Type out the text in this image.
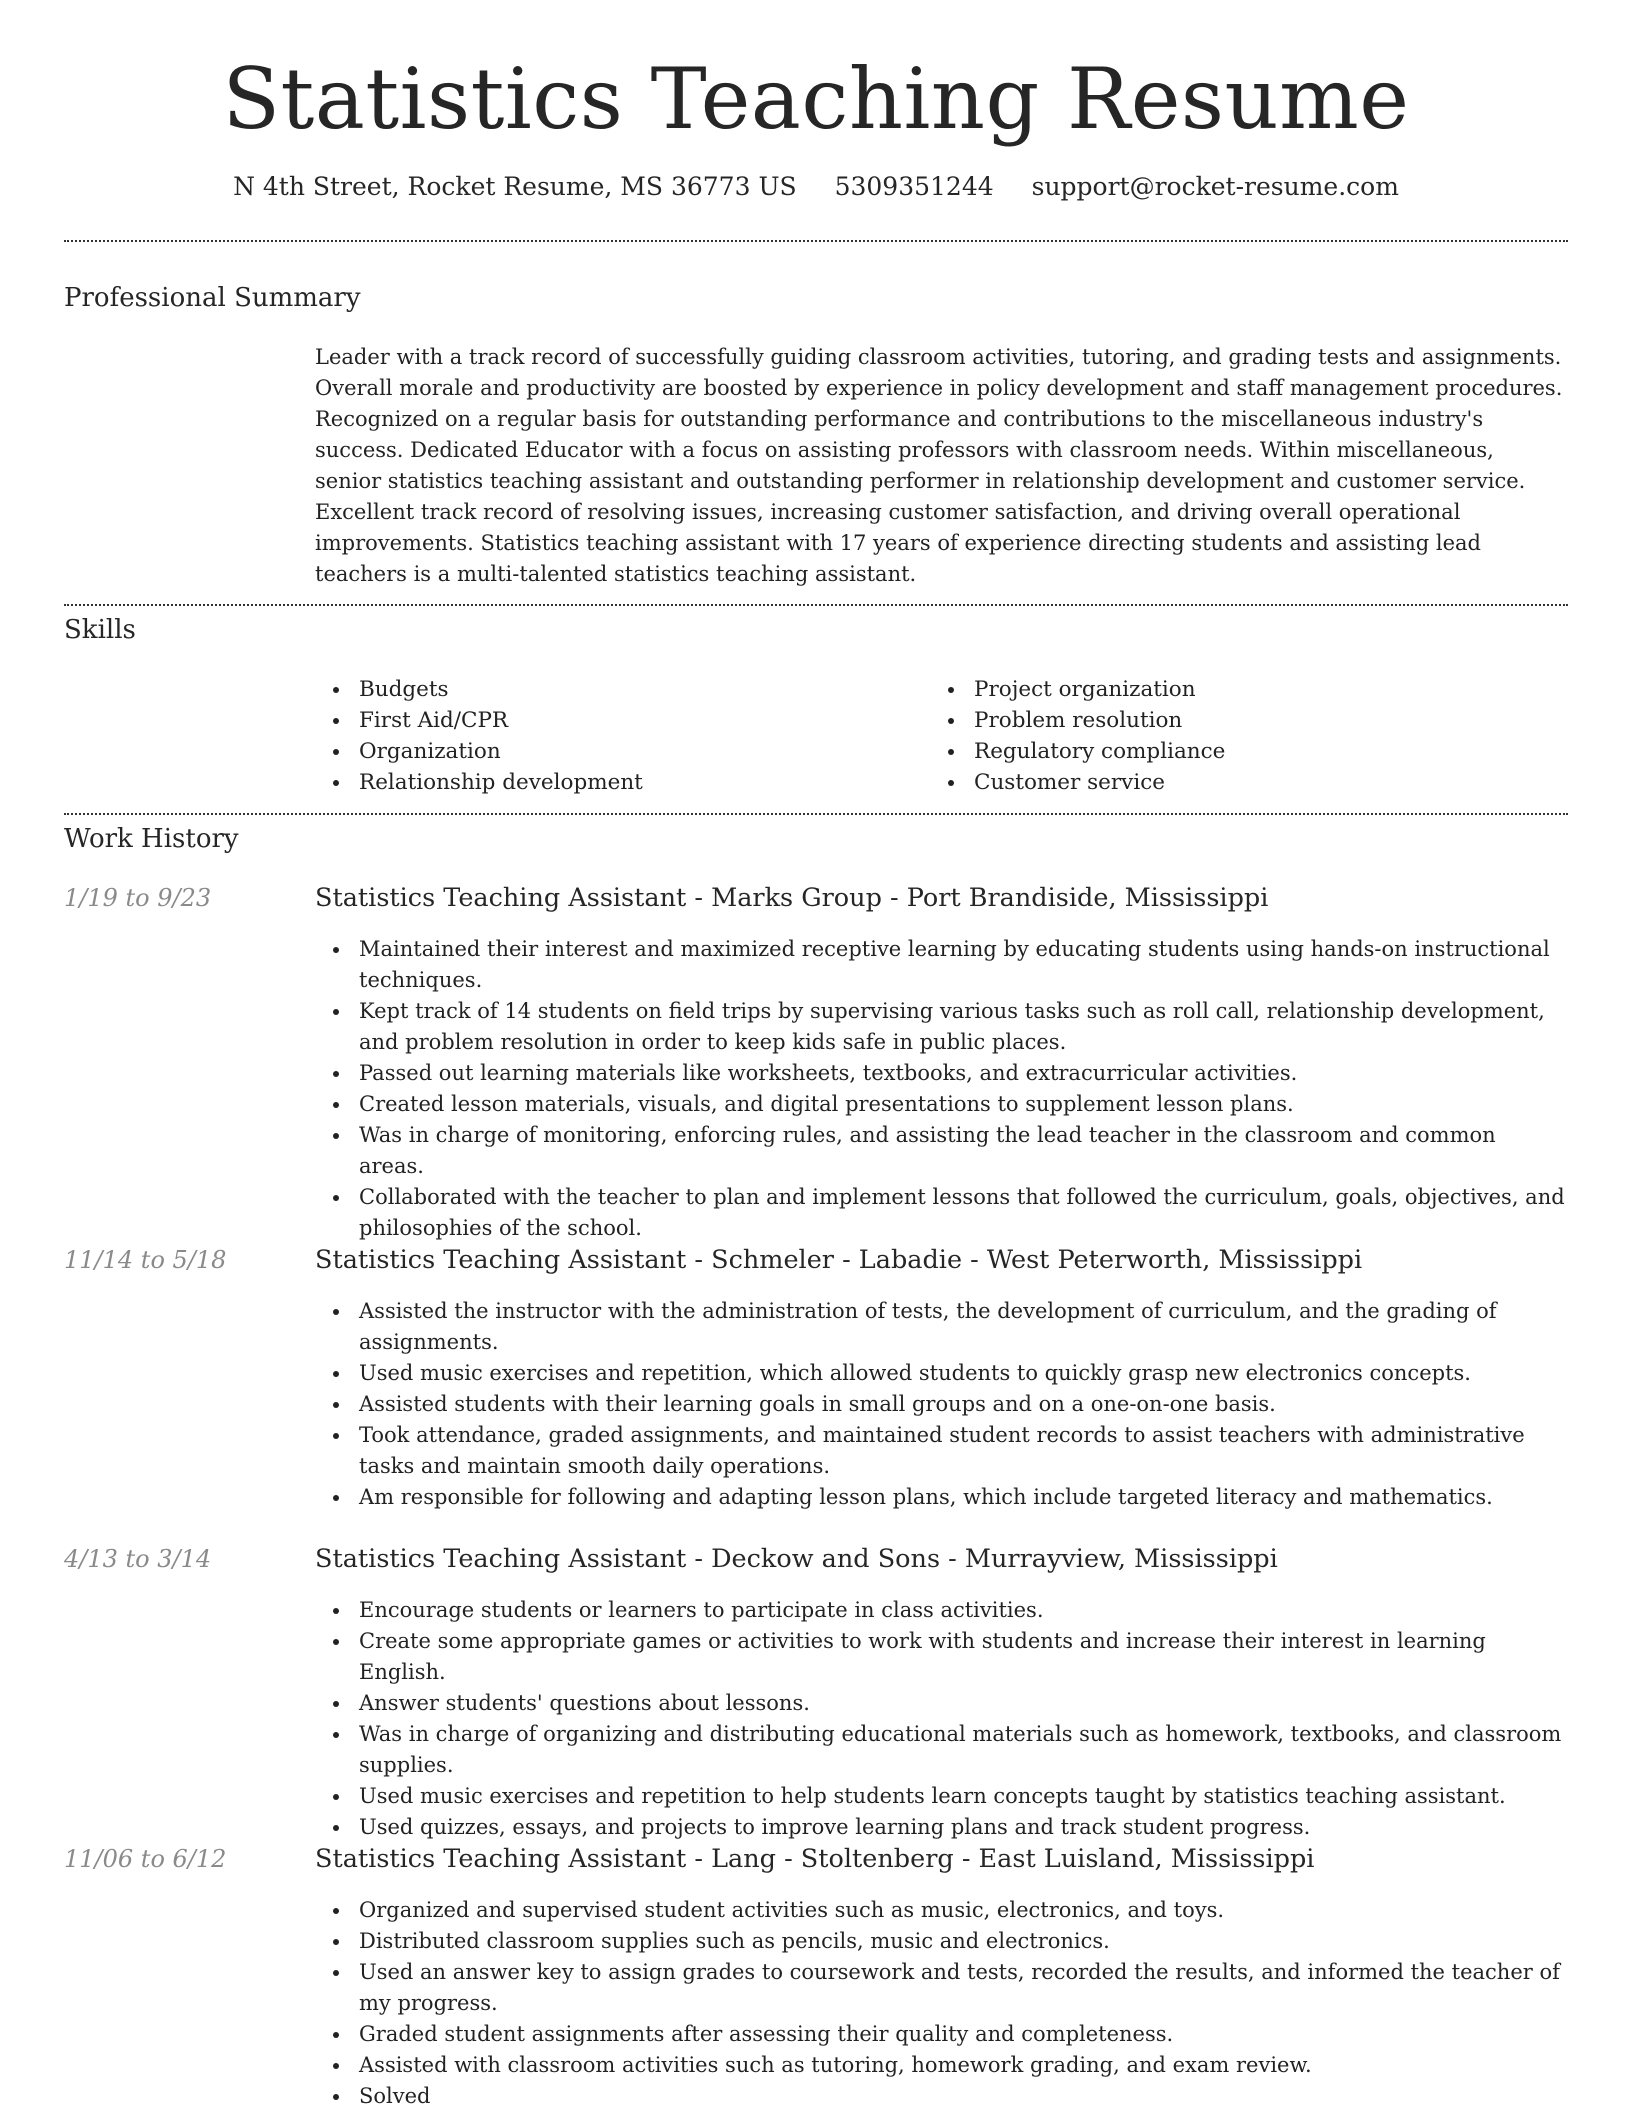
Statistics Teaching Resume
N 4th Street, Rocket Resume, MS 36773 US 5309351244 support@rocket-resume.com
Professional Summary

Leader with a track record of successfully guiding classroom activities, tutoring, and grading tests and assignments. Overall morale and productivity are boosted by experience in policy development and staff management procedures. Recognized on a regular basis for outstanding performance and contributions to the miscellaneous industry's success. Dedicated Educator with a focus on assisting professors with classroom needs. Within miscellaneous, senior statistics teaching assistant and outstanding performer in relationship development and customer service. Excellent track record of resolving issues, increasing customer satisfaction, and driving overall operational improvements. Statistics teaching assistant with 17 years of experience directing students and assisting lead teachers is a multi-talented statistics teaching assistant.

Skills
Budgets
First Aid/CPR
Organization
Relationship development
Project organization
Problem resolution
Regulatory compliance
Customer service
Work History
1/19 to 9/23	Statistics Teaching Assistant - Marks Group - Port Brandiside, Mississippi
Maintained their interest and maximized receptive learning by educating students using hands-on instructional techniques.
Kept track of 14 students on field trips by supervising various tasks such as roll call, relationship development, and problem resolution in order to keep kids safe in public places.
Passed out learning materials like worksheets, textbooks, and extracurricular activities.
Created lesson materials, visuals, and digital presentations to supplement lesson plans.
Was in charge of monitoring, enforcing rules, and assisting the lead teacher in the classroom and common areas.
Collaborated with the teacher to plan and implement lessons that followed the curriculum, goals, objectives, and philosophies of the school.
11/14 to 5/18	Statistics Teaching Assistant - Schmeler - Labadie - West Peterworth, Mississippi
Assisted the instructor with the administration of tests, the development of curriculum, and the grading of assignments.
Used music exercises and repetition, which allowed students to quickly grasp new electronics concepts.
Assisted students with their learning goals in small groups and on a one-on-one basis.
Took attendance, graded assignments, and maintained student records to assist teachers with administrative tasks and maintain smooth daily operations.
Am responsible for following and adapting lesson plans, which include targeted literacy and mathematics.
4/13 to 3/14	Statistics Teaching Assistant - Deckow and Sons - Murrayview, Mississippi
Encourage students or learners to participate in class activities.
Create some appropriate games or activities to work with students and increase their interest in learning English.
Answer students' questions about lessons.
Was in charge of organizing and distributing educational materials such as homework, textbooks, and classroom supplies.
Used music exercises and repetition to help students learn concepts taught by statistics teaching assistant.
Used quizzes, essays, and projects to improve learning plans and track student progress.
11/06 to 6/12	Statistics Teaching Assistant - Lang - Stoltenberg - East Luisland, Mississippi
Organized and supervised student activities such as music, electronics, and toys.
Distributed classroom supplies such as pencils, music and electronics.
Used an answer key to assign grades to coursework and tests, recorded the results, and informed the teacher of my progress.
Graded student assignments after assessing their quality and completeness.
Assisted with classroom activities such as tutoring, homework grading, and exam review.
Solved
